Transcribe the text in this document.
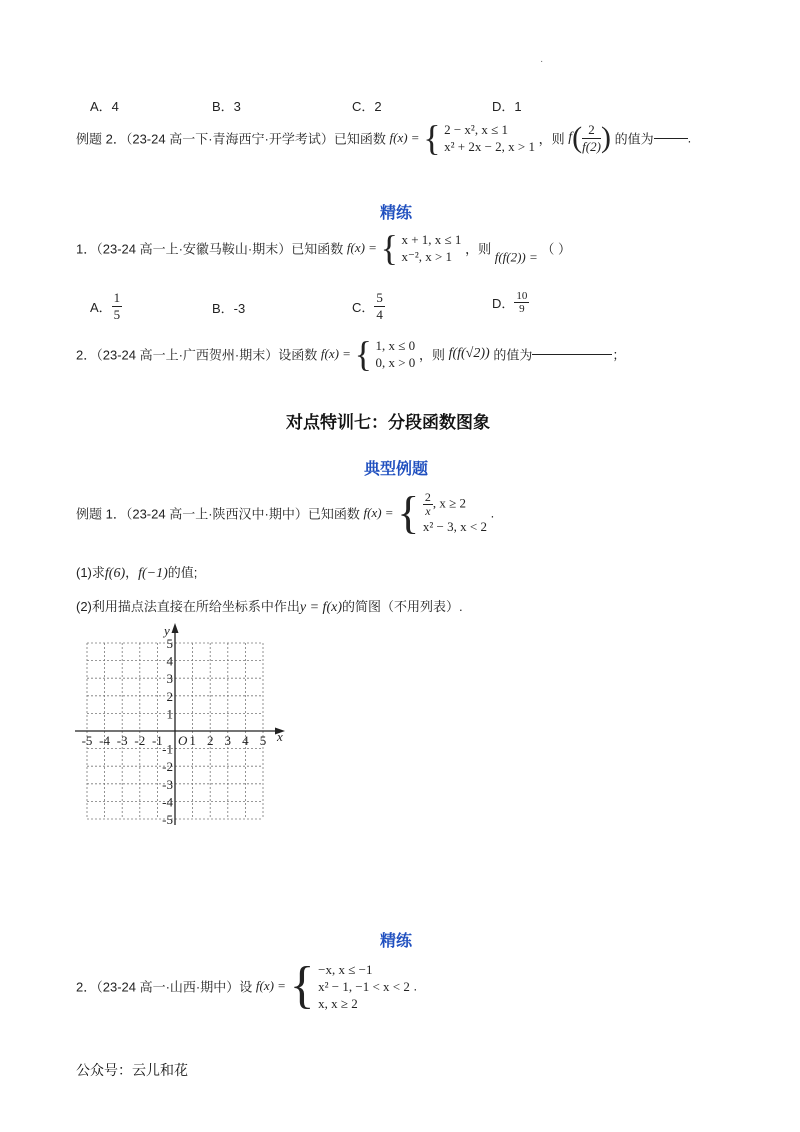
·
A．4	B．3	C．2	D．1
例题 2．（23-24 高一下·青海西宁·开学考试）已知函数 f(x) = { 2 − x², x ≤ 1
x² + 2x − 2, x > 1 ，则 $f( \frac{2}{f(2)}$ ) 的值为	.
精练
1．（23-24 高一上·安徽马鞍山·期末）已知函数 f(x) = { x + 1, x ≤ 1
x⁻², x > 1	，则 f(f(2)) = （ ）
A． $\frac{1}{5}$	B．-3	C． $\frac{5}{4}$	D． $\frac{10}{9}$
2．（23-24 高一上·广西贺州·期末）设函数 f(x) = { 1, x ≤ 0
0, x > 0 ，则 f(f(√2)) 的值为	；
对点特训七：分段函数图象
典型例题
例题 1．（23-24 高一上·陕西汉中·期中）已知函数 f(x) = { $\frac{2}{x}$ , x ≥ 2
x² − 3, x < 2
.
(1)求f(6)，f(−1)的值;
(2)利用描点法直接在所给坐标系中作出y = f(x)的简图（不用列表）.
x
y
O
-5 -4 -3 -2 -1 1 2 3 4 5
5
4
3
2
1
-1
-2
-3
-4
-5
精练
2．（23-24 高一·山西·期中）设 f(x) = { −x, x ≤ −1
x² − 1, −1 < x < 2
x, x ≥ 2
.
公众号：云儿和花
